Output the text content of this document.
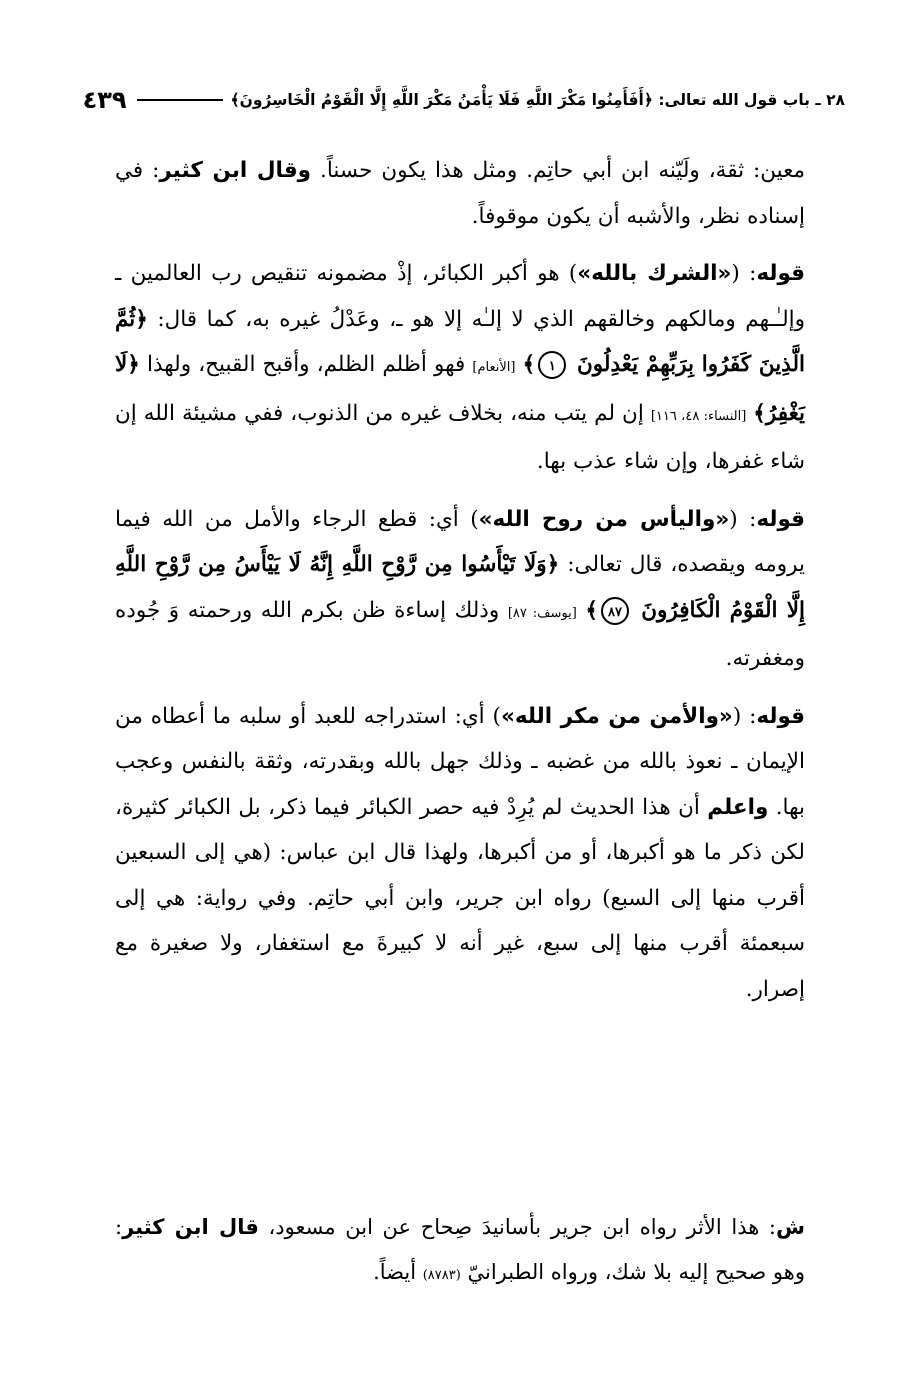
٢٨ ـ باب قول الله تعالى: ﴿أَفَأَمِنُوا مَكْرَ اللَّهِ فَلَا يَأْمَنُ مَكْرَ اللَّهِ إِلَّا الْقَوْمُ الْخَاسِرُونَ﴾
٤٣٩

معين: ثقة، ولَيّنه ابن أبي حاتِم. ومثل هذا يكون حسناً. وقال ابن كثير: في إسناده نظر، والأشبه أن يكون موقوفاً.

قوله: («الشرك بالله») هو أكبر الكبائر، إذْ مضمونه تنقيص رب العالمين ـ وإلـٰـهم ومالكهم وخالقهم الذي لا إلـٰه إلا هو ـ، وعَدْلُ غيره به، كما قال: ﴿ثُمَّ الَّذِينَ كَفَرُوا بِرَبِّهِمْ يَعْدِلُونَ ١﴾ [الأنعام] فهو أظلم الظلم، وأقبح القبيح، ولهذا ﴿لَا يَغْفِرُ﴾ [النساء: ٤٨، ١١٦] إن لم يتب منه، بخلاف غيره من الذنوب، ففي مشيئة الله إن شاء غفرها، وإن شاء عذب بها.

قوله: («واليأس من روح الله») أي: قطع الرجاء والأمل من الله فيما يرومه ويقصده، قال تعالى: ﴿وَلَا تَيْأَسُوا مِن رَّوْحِ اللَّهِ إِنَّهُ لَا يَيْأَسُ مِن رَّوْحِ اللَّهِ إِلَّا الْقَوْمُ الْكَافِرُونَ ٨٧﴾ [يوسف: ٨٧] وذلك إساءة ظن بكرم الله ورحمته وَ جُوده ومغفرته.

قوله: («والأمن من مكر الله») أي: استدراجه للعبد أو سلبه ما أعطاه من الإيمان ـ نعوذ بالله من غضبه ـ وذلك جهل بالله وبقدرته، وثقة بالنفس وعجب بها. واعلم أن هذا الحديث لم يُرِدْ فيه حصر الكبائر فيما ذكر، بل الكبائر كثيرة، لكن ذكر ما هو أكبرها، أو من أكبرها، ولهذا قال ابن عباس: (هي إلى السبعين أقرب منها إلى السبع) رواه ابن جرير، وابن أبي حاتِم. وفي رواية: هي إلى سبعمئة أقرب منها إلى سبع، غير أنه لا كبيرةَ مع استغفار، ولا صغيرة مع إصرار.

ش: هذا الأثر رواه ابن جرير بأسانيدَ صِحاح عن ابن مسعود، قال ابن كثير: وهو صحيح إليه بلا شك، ورواه الطبرانيّ (٨٧٨٣) أيضاً.
